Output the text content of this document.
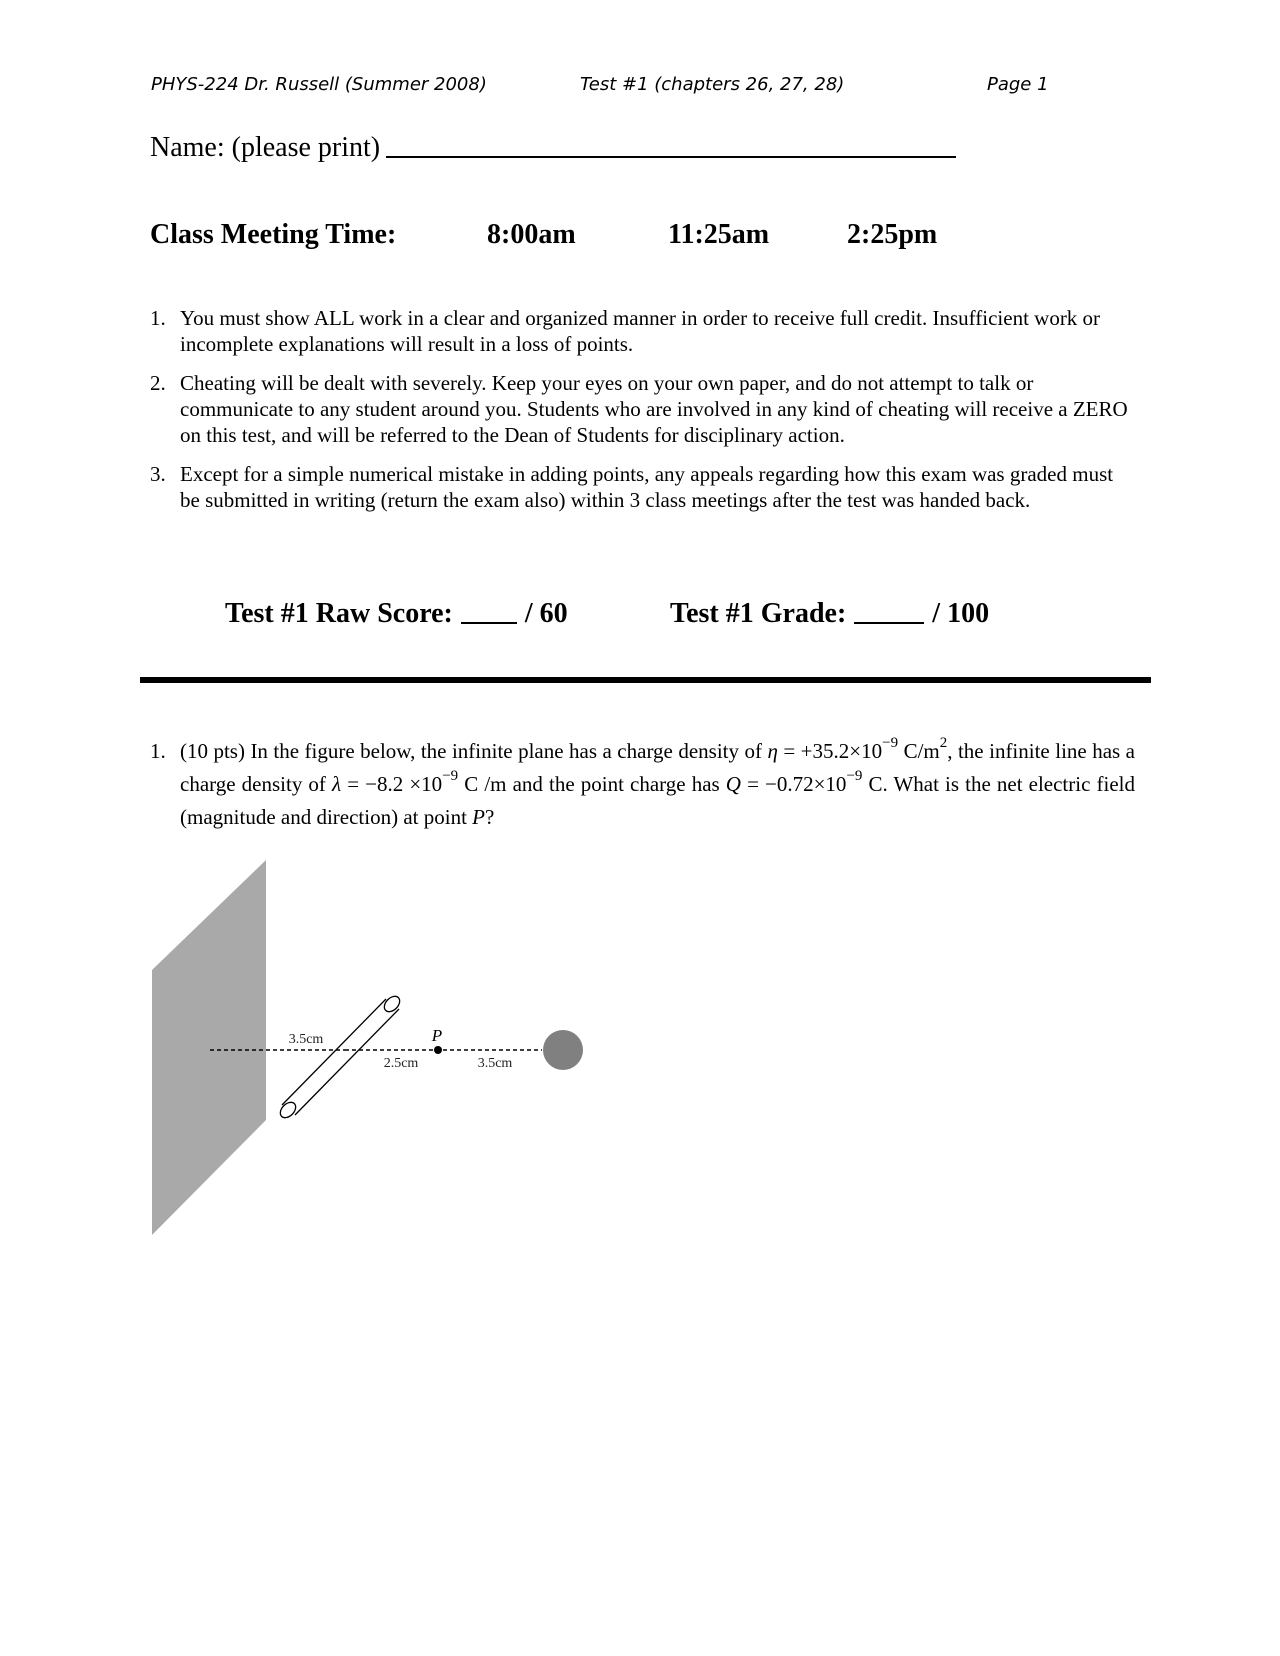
PHYS-224 Dr. Russell (Summer 2008)	Test #1 (chapters 26, 27, 28)	Page 1
Name: (please print)
Class Meeting Time:	8:00am	11:25am	2:25pm
1. You must show ALL work in a clear and organized manner in order to receive full credit. Insufficient work or incomplete explanations will result in a loss of points.
2. Cheating will be dealt with severely. Keep your eyes on your own paper, and do not attempt to talk or communicate to any student around you. Students who are involved in any kind of cheating will receive a ZERO on this test, and will be referred to the Dean of Students for disciplinary action.
3. Except for a simple numerical mistake in adding points, any appeals regarding how this exam was graded must be submitted in writing (return the exam also) within 3 class meetings after the test was handed back.
Test #1 Raw Score:	/ 60	Test #1 Grade:	/ 100
1. (10 pts) In the figure below, the infinite plane has a charge density of $\eta = +35.2\times 10^{-9}$ $C/m^2$, the infinite line has a charge density of $\lambda = -8.2 \times 10^{-9}$ C /m and the point charge has $Q = -0.72\times 10^{-9}$ C. What is the net electric field (magnitude and direction) at point P?
P
3.5cm
2.5cm	3.5cm
